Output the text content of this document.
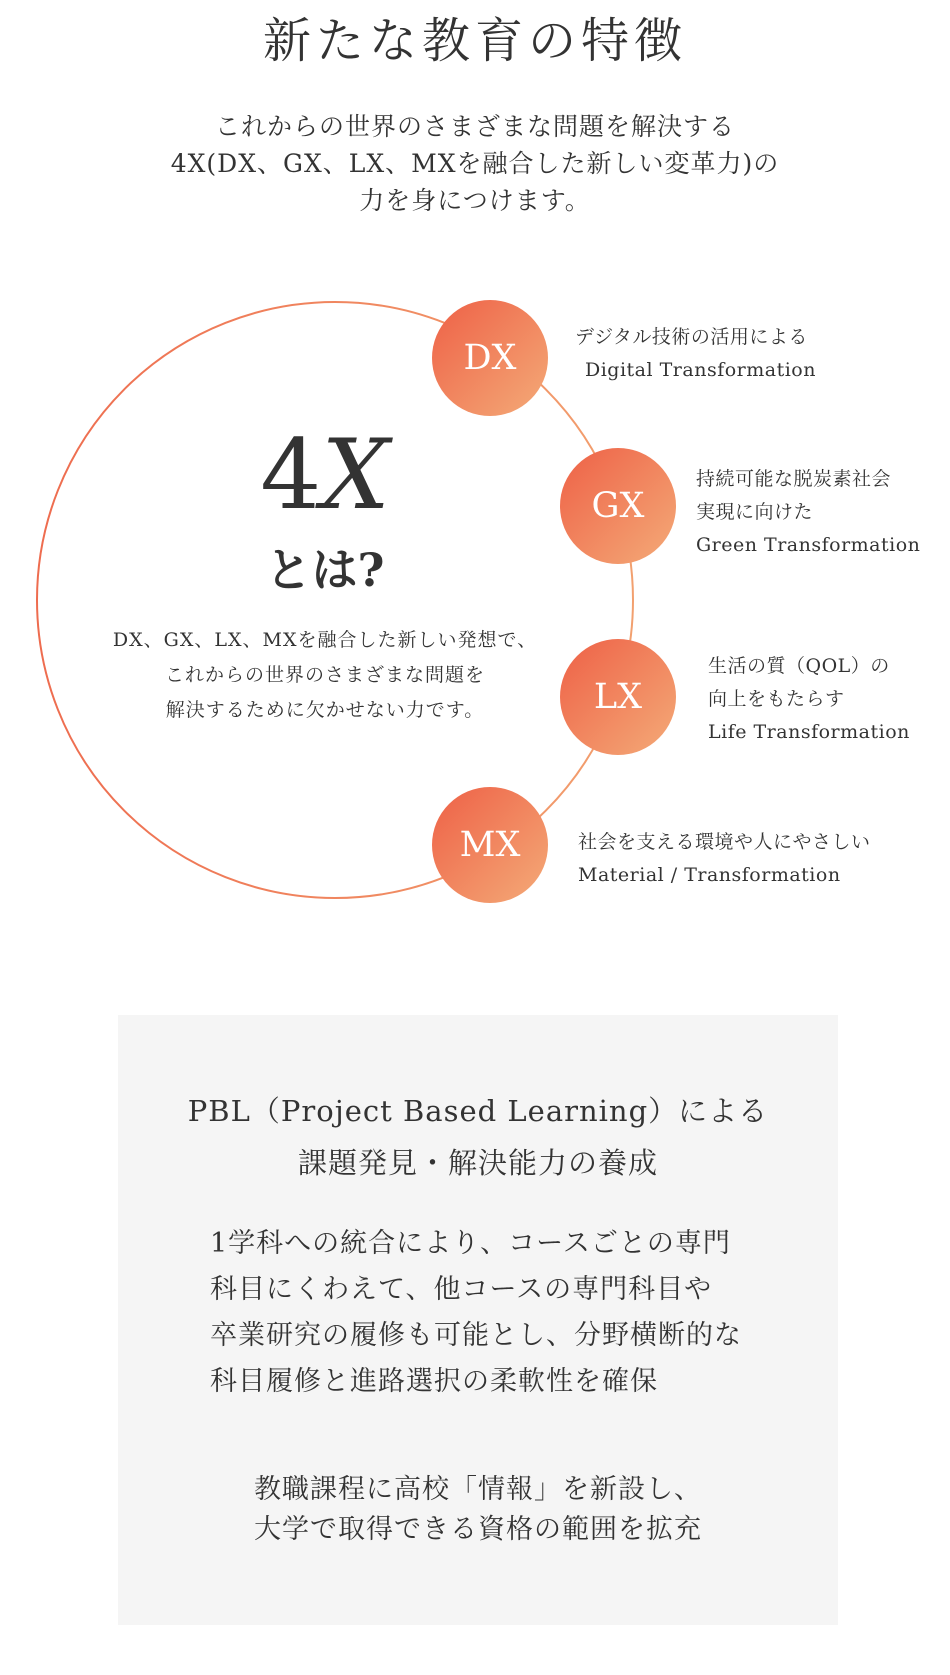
新たな教育の特徴
これからの世界のさまざまな問題を解決する
4X(DX、GX、LX、MXを融合した新しい変革力)の
力を身につけます。
DX
GX
LX
MX
4X
とは?
DX、GX、LX、MXを融合した新しい発想で、
これからの世界のさまざまな問題を
解決するために欠かせない力です。
デジタル技術の活用による
Digital Transformation
持続可能な脱炭素社会
実現に向けた
Green Transformation
生活の質（QOL）の
向上をもたらす
Life Transformation
社会を支える環境や人にやさしい
Material / Transformation
PBL（Project Based Learning）による
課題発見・解決能力の養成
1学科への統合により、コースごとの専門
科目にくわえて、他コースの専門科目や
卒業研究の履修も可能とし、分野横断的な
科目履修と進路選択の柔軟性を確保
教職課程に高校「情報」を新設し、
大学で取得できる資格の範囲を拡充
